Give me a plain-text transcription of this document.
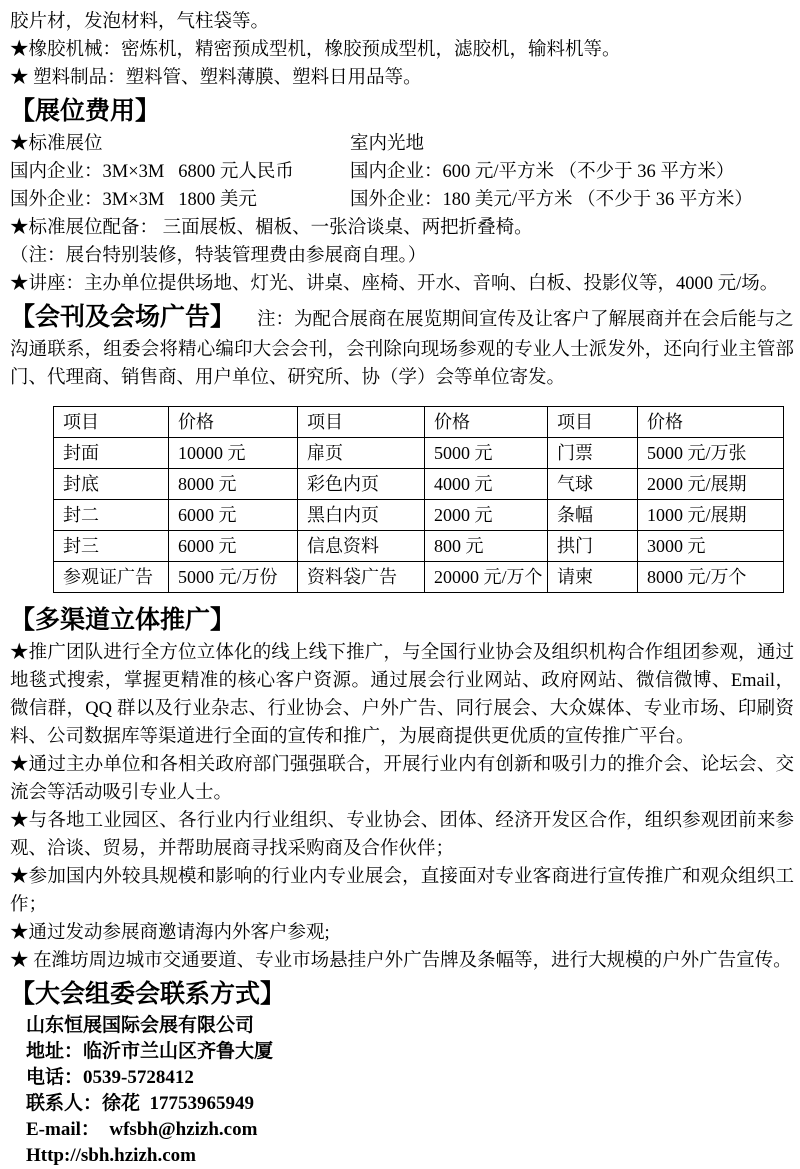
胶片材，发泡材料，气柱袋等。

★橡胶机械：密炼机，精密预成型机，橡胶预成型机，滤胶机，输料机等。

★ 塑料制品：塑料管、塑料薄膜、塑料日用品等。

【展位费用】

★标准展位	室内光地

国内企业：3M×3M   6800 元人民币	国内企业：600 元/平方米 （不少于 36 平方米）

国外企业：3M×3M   1800 美元	国外企业：180 美元/平方米 （不少于 36 平方米）

★标准展位配备： 三面展板、楣板、一张洽谈桌、两把折叠椅。

（注：展台特别装修，特装管理费由参展商自理。）

★讲座：主办单位提供场地、灯光、讲桌、座椅、开水、音响、白板、投影仪等，4000 元/场。

【会刊及会场广告】 注：为配合展商在展览期间宣传及让客户了解展商并在会后能与之

沟通联系，组委会将精心编印大会会刊，会刊除向现场参观的专业人士派发外，还向行业主管部门、代理商、销售商、用户单位、研究所、协（学）会等单位寄发。

项目	价格	项目	价格	项目	价格
封面	10000 元	扉页	5000 元	门票	5000 元/万张
封底	8000 元	彩色内页	4000 元	气球	2000 元/展期
封二	6000 元	黑白内页	2000 元	条幅	1000 元/展期
封三	6000 元	信息资料	800 元	拱门	3000 元
参观证广告	5000 元/万份	资料袋广告	20000 元/万个	请柬	8000 元/万个
【多渠道立体推广】

★推广团队进行全方位立体化的线上线下推广，与全国行业协会及组织机构合作组团参观，通过地毯式搜索，掌握更精准的核心客户资源。通过展会行业网站、政府网站、微信微博、Email，微信群，QQ 群以及行业杂志、行业协会、户外广告、同行展会、大众媒体、专业市场、印刷资料、公司数据库等渠道进行全面的宣传和推广，为展商提供更优质的宣传推广平台。

★通过主办单位和各相关政府部门强强联合，开展行业内有创新和吸引力的推介会、论坛会、交流会等活动吸引专业人士。

★与各地工业园区、各行业内行业组织、专业协会、团体、经济开发区合作，组织参观团前来参观、洽谈、贸易，并帮助展商寻找采购商及合作伙伴；

★参加国内外较具规模和影响的行业内专业展会，直接面对专业客商进行宣传推广和观众组织工作；

★通过发动参展商邀请海内外客户参观;

★ 在潍坊周边城市交通要道、专业市场悬挂户外广告牌及条幅等，进行大规模的户外广告宣传。

【大会组委会联系方式】

山东恒展国际会展有限公司

地址：临沂市兰山区齐鲁大厦

电话：0539-5728412

联系人：徐花  17753965949

E-mail：  wfsbh@hzizh.com

Http://sbh.hzizh.com
